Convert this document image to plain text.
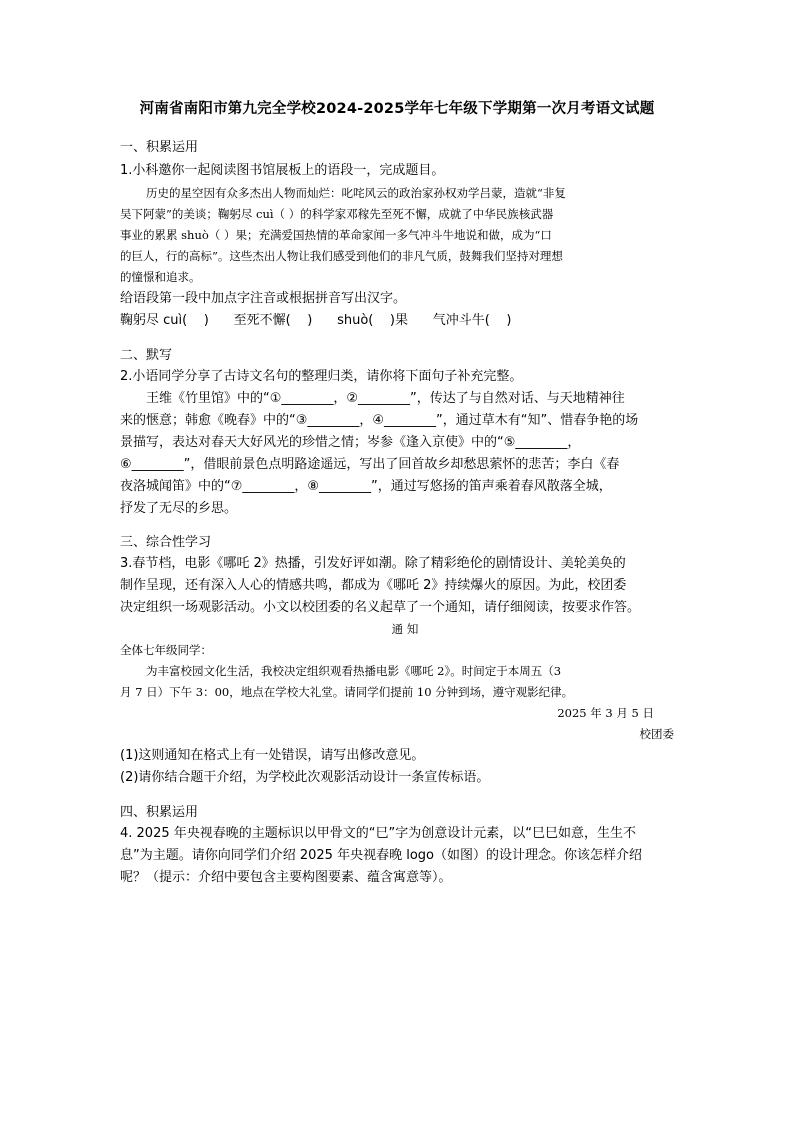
河南省南阳市第九完全学校2024-2025学年七年级下学期第一次月考语文试题
一、积累运用
1.小科邀你一起阅读图书馆展板上的语段一，完成题目。
历史的星空因有众多杰出人物而灿烂：叱咤风云的政治家孙权劝学吕蒙，造就“非复
吴下阿蒙”的美谈；鞠躬尽 cuì（ ）的科学家邓稼先至死不懈，成就了中华民族核武器
事业的累累 shuò（ ）果；充满爱国热情的革命家闻一多气冲斗牛地说和做，成为“口
的巨人，行的高标”。这些杰出人物让我们感受到他们的非凡气质，鼓舞我们坚持对理想
的憧憬和追求。
给语段第一段中加点字注音或根据拼音写出汉字。
鞠躬尽 cuì(    )      至死不懈(    )      shuò(    )果      气冲斗牛(    )
二、默写
2.小语同学分享了古诗文名句的整理归类，请你将下面句子补充完整。
王维《竹里馆》中的“①________，②________”，传达了与自然对话、与天地精神往
来的惬意；韩愈《晚春》中的“③________，④________”，通过草木有“知”、惜春争艳的场
景描写，表达对春天大好风光的珍惜之情；岑参《逢入京使》中的“⑤________，
⑥________”，借眼前景色点明路途遥远，写出了回首故乡却愁思萦怀的悲苦；李白《春
夜洛城闻笛》中的“⑦________，⑧________”，通过写悠扬的笛声乘着春风散落全城，
抒发了无尽的乡思。
三、综合性学习
3.春节档，电影《哪吒 2》热播，引发好评如潮。除了精彩绝伦的剧情设计、美轮美奂的
制作呈现，还有深入人心的情感共鸣，都成为《哪吒 2》持续爆火的原因。为此，校团委
决定组织一场观影活动。小文以校团委的名义起草了一个通知，请仔细阅读，按要求作答。
通 知
全体七年级同学：
为丰富校园文化生活，我校决定组织观看热播电影《哪吒 2》。时间定于本周五（3
月 7 日）下午 3：00，地点在学校大礼堂。请同学们提前 10 分钟到场，遵守观影纪律。
2025 年 3 月 5 日
校团委
(1)这则通知在格式上有一处错误，请写出修改意见。
(2)请你结合题干介绍，为学校此次观影活动设计一条宣传标语。
四、积累运用
4. 2025 年央视春晚的主题标识以甲骨文的“巳”字为创意设计元素，以“巳巳如意，生生不
息”为主题。请你向同学们介绍 2025 年央视春晚 logo（如图）的设计理念。你该怎样介绍
呢？（提示：介绍中要包含主要构图要素、蕴含寓意等）。
